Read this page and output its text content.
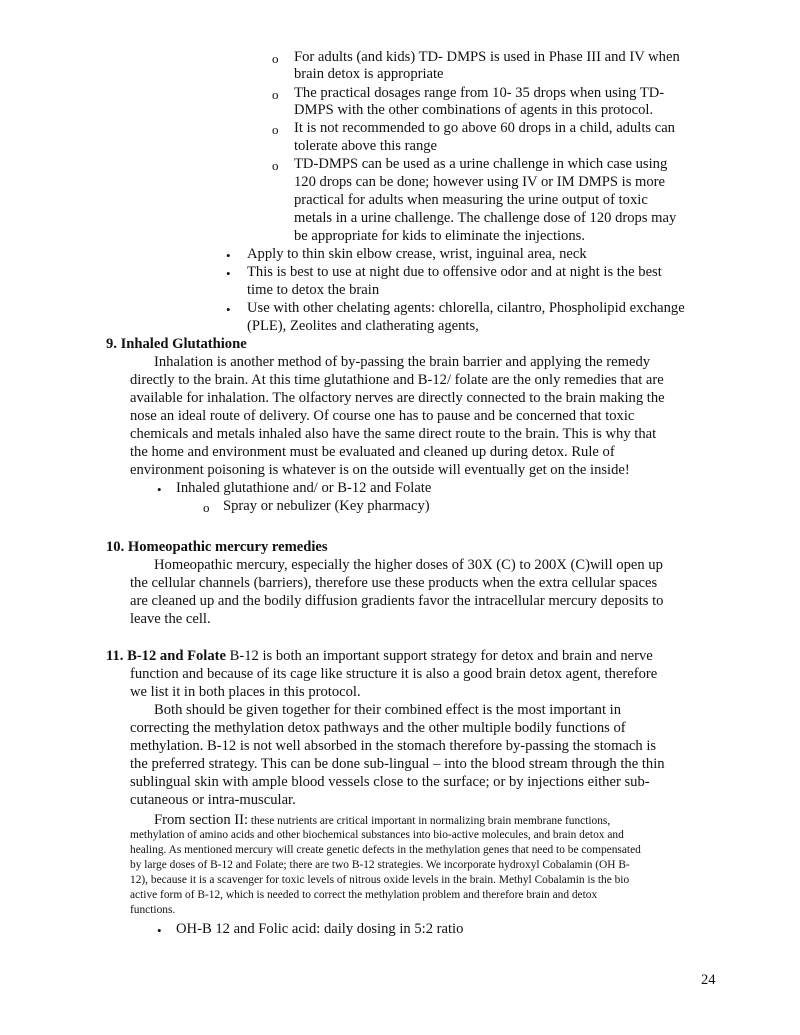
o For adults (and kids) TD- DMPS is used in Phase III and IV when
brain detox is appropriate
o The practical dosages range from 10- 35 drops when using TD-
DMPS with the other combinations of agents in this protocol.
o It is not recommended to go above 60 drops in a child, adults can
tolerate above this range
o TD-DMPS can be used as a urine challenge in which case using
120 drops can be done; however using IV or IM DMPS is more
practical for adults when measuring the urine output of toxic
metals in a urine challenge. The challenge dose of 120 drops may
be appropriate for kids to eliminate the injections.
• Apply to thin skin elbow crease, wrist, inguinal area, neck
• This is best to use at night due to offensive odor and at night is the best
time to detox the brain
• Use with other chelating agents: chlorella, cilantro, Phospholipid exchange
(PLE), Zeolites and clatherating agents,
9. Inhaled Glutathione
Inhalation is another method of by-passing the brain barrier and applying the remedy
directly to the brain. At this time glutathione and B-12/ folate are the only remedies that are
available for inhalation. The olfactory nerves are directly connected to the brain making the
nose an ideal route of delivery. Of course one has to pause and be concerned that toxic
chemicals and metals inhaled also have the same direct route to the brain. This is why that
the home and environment must be evaluated and cleaned up during detox. Rule of
environment poisoning is whatever is on the outside will eventually get on the inside!
• Inhaled glutathione and/ or B-12 and Folate
o Spray or nebulizer (Key pharmacy)
10. Homeopathic mercury remedies
Homeopathic mercury, especially the higher doses of 30X (C) to 200X (C)will open up
the cellular channels (barriers), therefore use these products when the extra cellular spaces
are cleaned up and the bodily diffusion gradients favor the intracellular mercury deposits to
leave the cell.
11. B-12 and Folate B-12 is both an important support strategy for detox and brain and nerve
function and because of its cage like structure it is also a good brain detox agent, therefore
we list it in both places in this protocol.
Both should be given together for their combined effect is the most important in
correcting the methylation detox pathways and the other multiple bodily functions of
methylation. B-12 is not well absorbed in the stomach therefore by-passing the stomach is
the preferred strategy. This can be done sub-lingual – into the blood stream through the thin
sublingual skin with ample blood vessels close to the surface; or by injections either sub-
cutaneous or intra-muscular.
From section II: these nutrients are critical important in normalizing brain membrane functions,
methylation of amino acids and other biochemical substances into bio-active molecules, and brain detox and
healing. As mentioned mercury will create genetic defects in the methylation genes that need to be compensated
by large doses of B-12 and Folate; there are two B-12 strategies. We incorporate hydroxyl Cobalamin (OH B-
12), because it is a scavenger for toxic levels of nitrous oxide levels in the brain. Methyl Cobalamin is the bio
active form of B-12, which is needed to correct the methylation problem and therefore brain and detox
functions.
• OH-B 12 and Folic acid: daily dosing in 5:2 ratio
24
